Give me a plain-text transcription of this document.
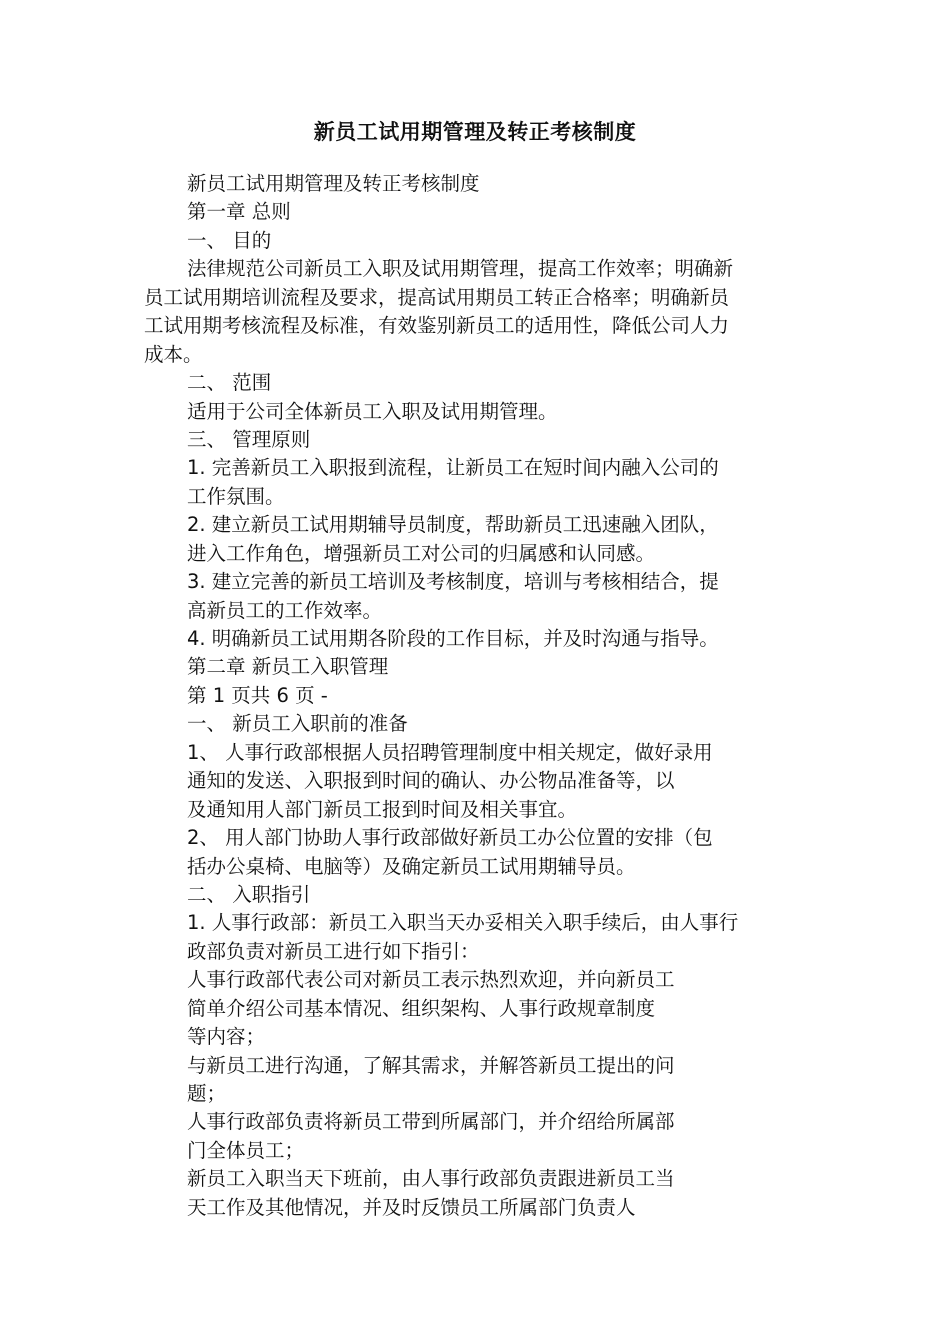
新员工试用期管理及转正考核制度
新员工试用期管理及转正考核制度
第一章 总则
一、 目的
法律规范公司新员工入职及试用期管理，提高工作效率；明确新
员工试用期培训流程及要求，提高试用期员工转正合格率；明确新员
工试用期考核流程及标准，有效鉴别新员工的适用性，降低公司人力
成本。
二、 范围
适用于公司全体新员工入职及试用期管理。
三、 管理原则
1. 完善新员工入职报到流程，让新员工在短时间内融入公司的
工作氛围。
2. 建立新员工试用期辅导员制度，帮助新员工迅速融入团队，
进入工作角色，增强新员工对公司的归属感和认同感。
3. 建立完善的新员工培训及考核制度，培训与考核相结合，提
高新员工的工作效率。
4. 明确新员工试用期各阶段的工作目标，并及时沟通与指导。
第二章 新员工入职管理
第 1 页共 6 页 -
一、 新员工入职前的准备
1、 人事行政部根据人员招聘管理制度中相关规定，做好录用
通知的发送、入职报到时间的确认、办公物品准备等，以
及通知用人部门新员工报到时间及相关事宜。
2、 用人部门协助人事行政部做好新员工办公位置的安排（包
括办公桌椅、电脑等）及确定新员工试用期辅导员。
二、 入职指引
1. 人事行政部：新员工入职当天办妥相关入职手续后，由人事行
政部负责对新员工进行如下指引：
人事行政部代表公司对新员工表示热烈欢迎，并向新员工
简单介绍公司基本情况、组织架构、人事行政规章制度
等内容；
与新员工进行沟通，了解其需求，并解答新员工提出的问
题；
人事行政部负责将新员工带到所属部门，并介绍给所属部
门全体员工；
新员工入职当天下班前，由人事行政部负责跟进新员工当
天工作及其他情况，并及时反馈员工所属部门负责人
